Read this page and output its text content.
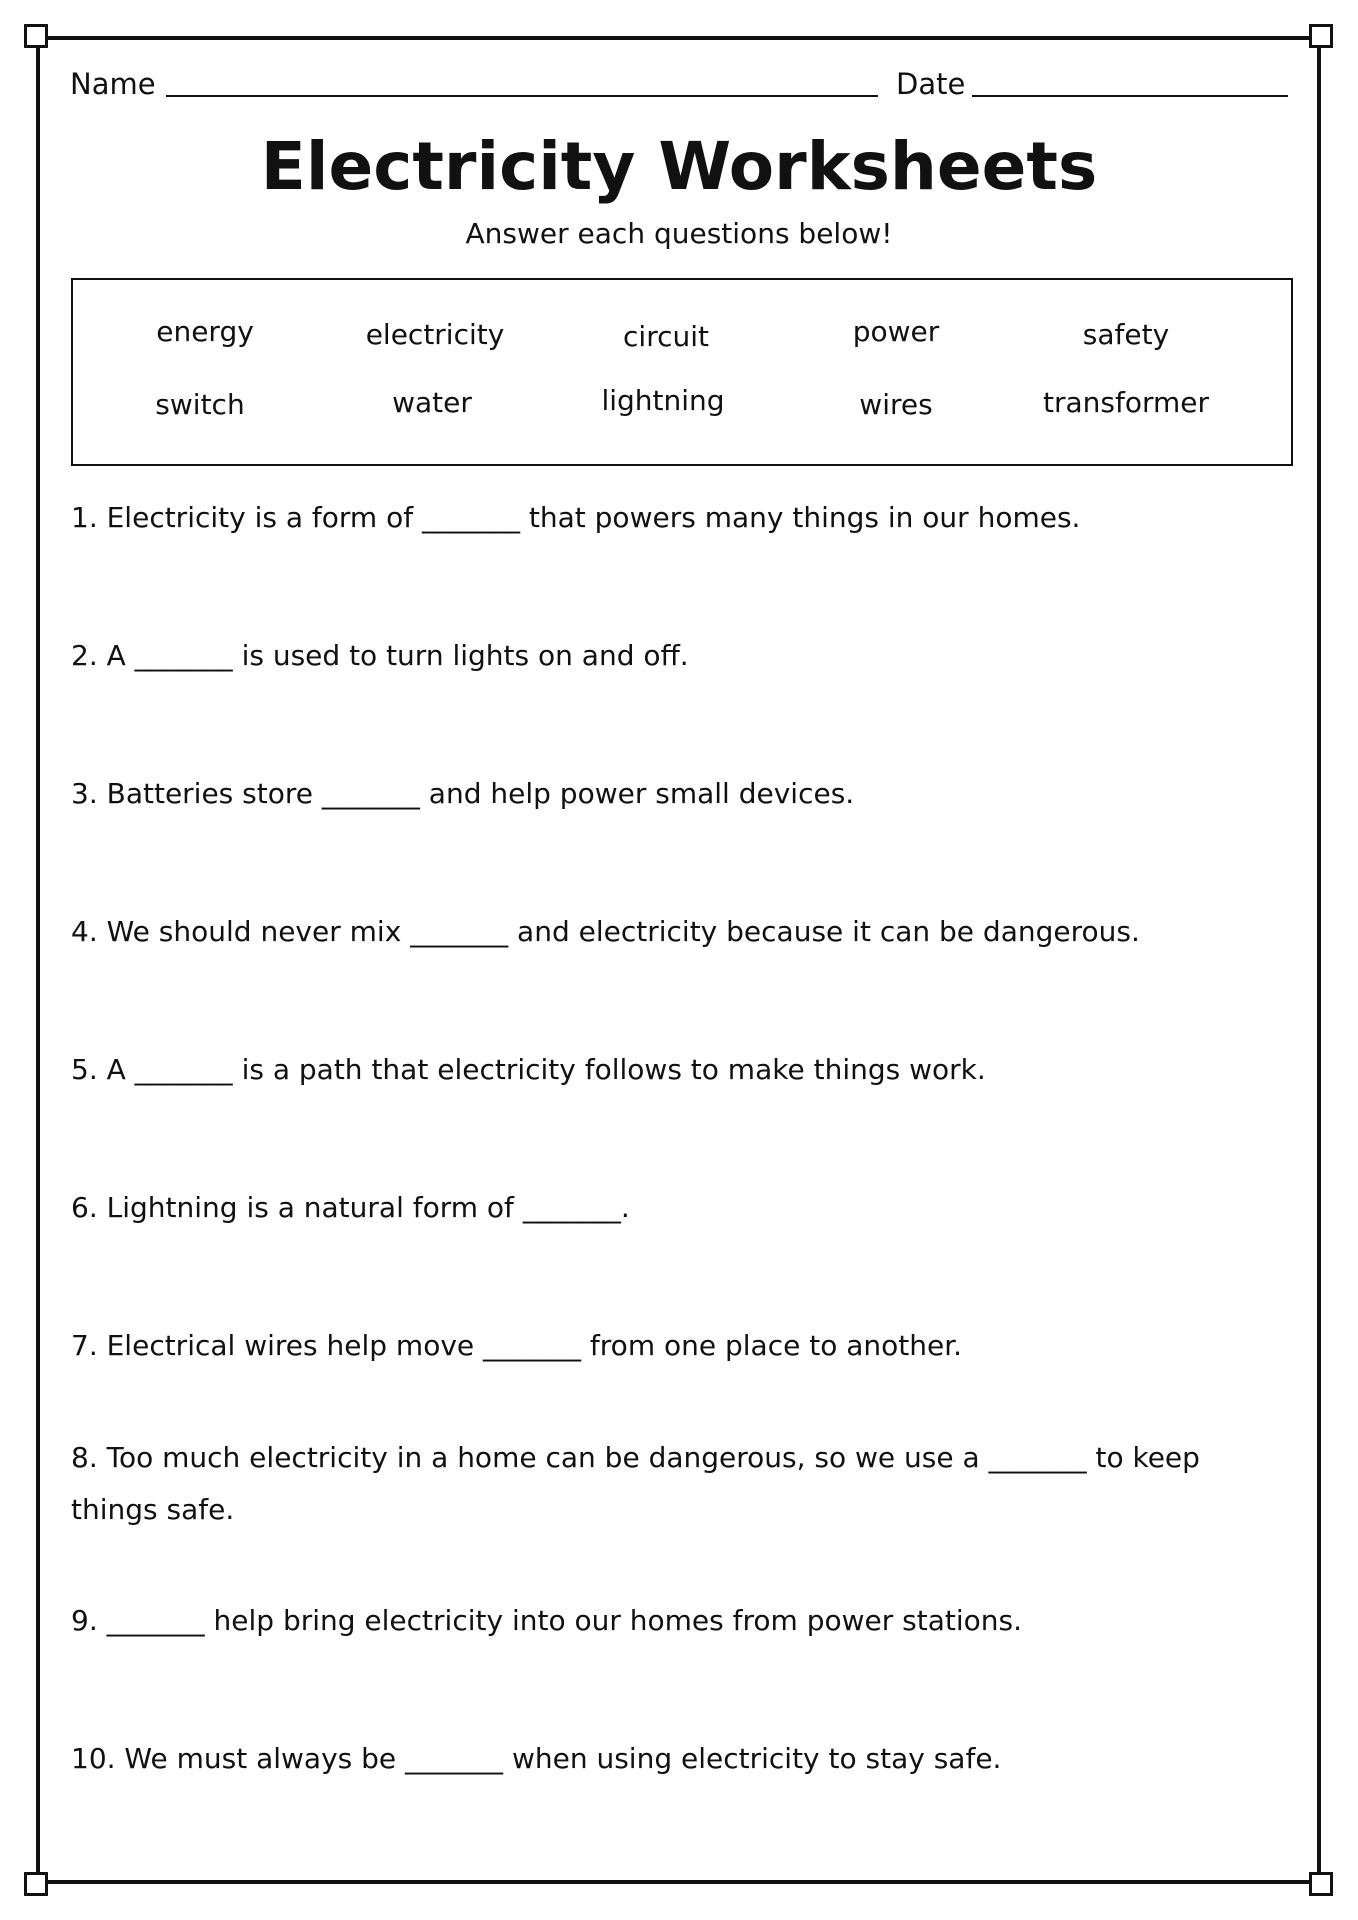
Name	Date
Electricity Worksheets
Answer each questions below!
energy	electricity	circuit	power	safety
switch	water	lightning	wires	transformer
1. Electricity is a form of _______ that powers many things in our homes.
2. A _______ is used to turn lights on and off.
3. Batteries store _______ and help power small devices.
4. We should never mix _______ and electricity because it can be dangerous.
5. A _______ is a path that electricity follows to make things work.
6. Lightning is a natural form of _______.
7. Electrical wires help move _______ from one place to another.
8. Too much electricity in a home can be dangerous, so we use a _______ to keep things safe.
9. _______ help bring electricity into our homes from power stations.
10. We must always be _______ when using electricity to stay safe.
